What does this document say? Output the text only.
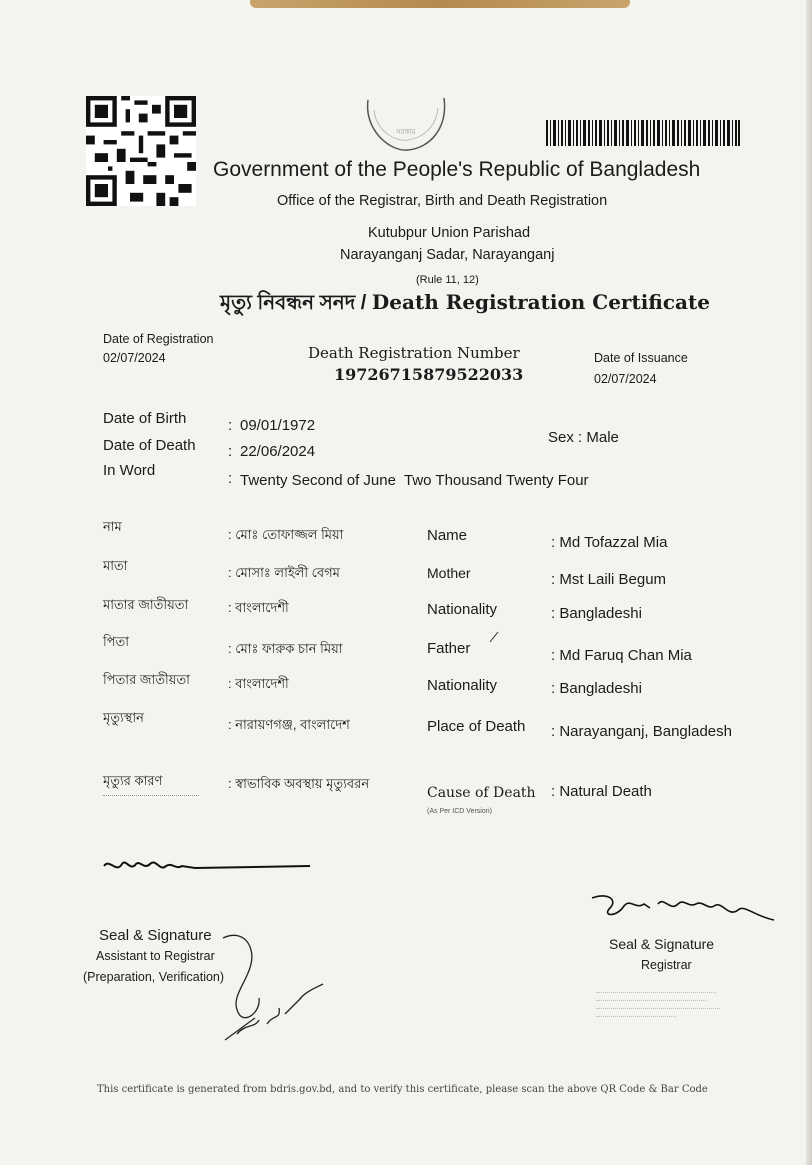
সরকার
Government of the People's Republic of Bangladesh
Office of the Registrar, Birth and Death Registration
Kutubpur Union Parishad
Narayanganj Sadar, Narayanganj
(Rule 11, 12)
মৃত্যু নিবন্ধন সনদ / Death Registration Certificate
Date of Registration
02/07/2024	Death Registration Number
19726715879522033
Date of Issuance
02/07/2024
Date of Birth	: 09/01/1972
Date of Death : 22/06/2024
In Word	: Twenty Second of June  Two Thousand Twenty Four
Sex : Male
নাম
: মোঃ তোফাজ্জল মিয়া
মাতা	: মোসাঃ লাইলী বেগম
মাতার জাতীয়তা	: বাংলাদেশী
পিতা	: মোঃ ফারুক চান মিয়া
পিতার জাতীয়তা	: বাংলাদেশী
মৃত্যুস্থান	: নারায়ণগঞ্জ, বাংলাদেশ
মৃত্যুর কারণ	: স্বাভাবিক অবস্থায় মৃত্যুবরন
Name	: Md Tofazzal Mia
Mother	: Mst Laili Begum
Nationality	: Bangladeshi
Father	: Md Faruq Chan Mia
Nationality	: Bangladeshi
Place of Death : Narayanganj, Bangladesh
Cause of Death
(As Per ICD Version)
: Natural Death
Seal & Signature
Assistant to Registrar
(Preparation, Verification)
Seal & Signature
Registrar
This certificate is generated from bdris.gov.bd, and to verify this certificate, please scan the above QR Code & Bar Code
